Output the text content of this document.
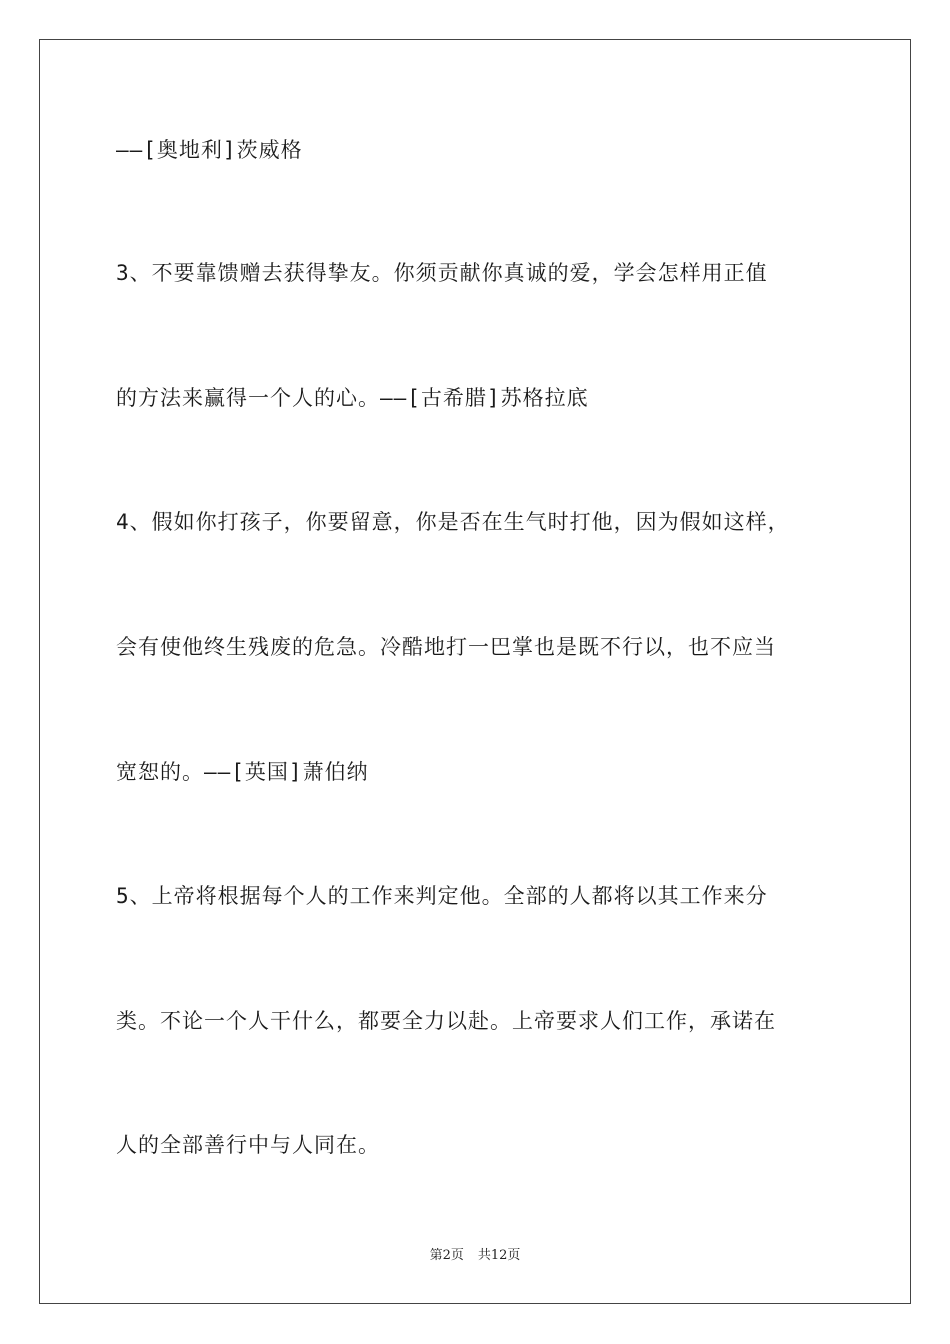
——[奥地利]茨威格
3、不要靠馈赠去获得挚友。你须贡献你真诚的爱，学会怎样用正值
的方法来赢得一个人的心。——[古希腊]苏格拉底
4、假如你打孩子，你要留意，你是否在生气时打他，因为假如这样，
会有使他终生残废的危急。冷酷地打一巴掌也是既不行以，也不应当
宽恕的。——[英国]萧伯纳
5、上帝将根据每个人的工作来判定他。全部的人都将以其工作来分
类。不论一个人干什么，都要全力以赴。上帝要求人们工作，承诺在
人的全部善行中与人同在。
第2页 共12页
